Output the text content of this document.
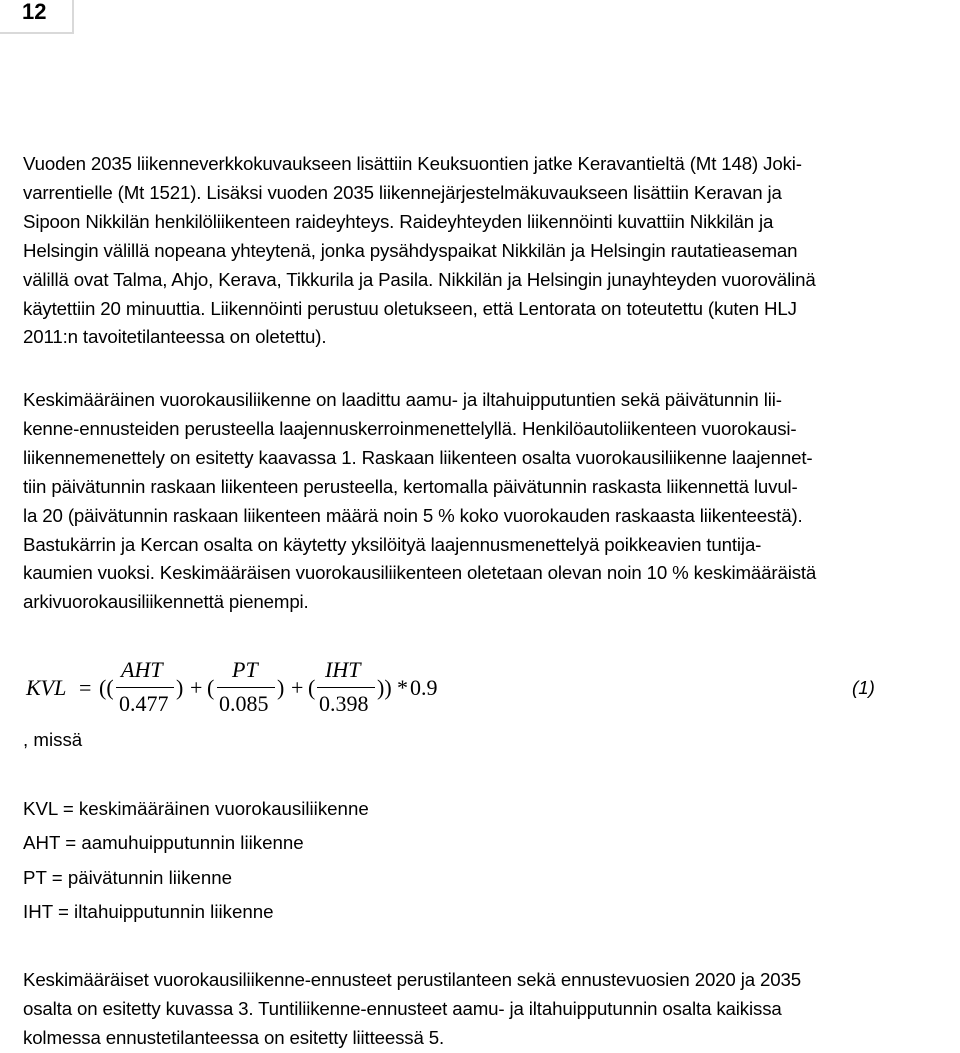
12

Vuoden 2035 liikenneverkkokuvaukseen lisättiin Keuksuontien jatke Keravantieltä (Mt 148) Joki-
varrentielle (Mt 1521). Lisäksi vuoden 2035 liikennejärjestelmäkuvaukseen lisättiin Keravan ja
Sipoon Nikkilän henkilöliikenteen raideyhteys. Raideyhteyden liikennöinti kuvattiin Nikkilän ja
Helsingin välillä nopeana yhteytenä, jonka pysähdyspaikat Nikkilän ja Helsingin rautatieaseman
välillä ovat Talma, Ahjo, Kerava, Tikkurila ja Pasila. Nikkilän ja Helsingin junayhteyden vuorovälinä
käytettiin 20 minuuttia. Liikennöinti perustuu oletukseen, että Lentorata on toteutettu (kuten HLJ
2011:n tavoitetilanteessa on oletettu).

Keskimääräinen vuorokausiliikenne on laadittu aamu- ja iltahuipputuntien sekä päivätunnin lii-
kenne-ennusteiden perusteella laajennuskerroinmenettelyllä. Henkilöautoliikenteen vuorokausi-
liikennemenettely on esitetty kaavassa 1. Raskaan liikenteen osalta vuorokausiliikenne laajennet-
tiin päivätunnin raskaan liikenteen perusteella, kertomalla päivätunnin raskasta liikennettä luvul-
la 20 (päivätunnin raskaan liikenteen määrä noin 5 % koko vuorokauden raskaasta liikenteestä).
Bastukärrin ja Kercan osalta on käytetty yksilöityä laajennusmenettelyä poikkeavien tuntija-
kaumien vuoksi. Keskimääräisen vuorokausiliikenteen oletetaan olevan noin 10 % keskimääräistä
arkivuorokausiliikennettä pienempi.

KVL = ((
AHT
0.477
) + (
PT
0.085
) + (
IHT
0.398
)) * 0.9	(1)
, missä
KVL = keskimääräinen vuorokausiliikenne
AHT = aamuhuipputunnin liikenne
PT = päivätunnin liikenne
IHT = iltahuipputunnin liikenne

Keskimääräiset vuorokausiliikenne-ennusteet perustilanteen sekä ennustevuosien 2020 ja 2035
osalta on esitetty kuvassa 3. Tuntiliikenne-ennusteet aamu- ja iltahuipputunnin osalta kaikissa
kolmessa ennustetilanteessa on esitetty liitteessä 5.
